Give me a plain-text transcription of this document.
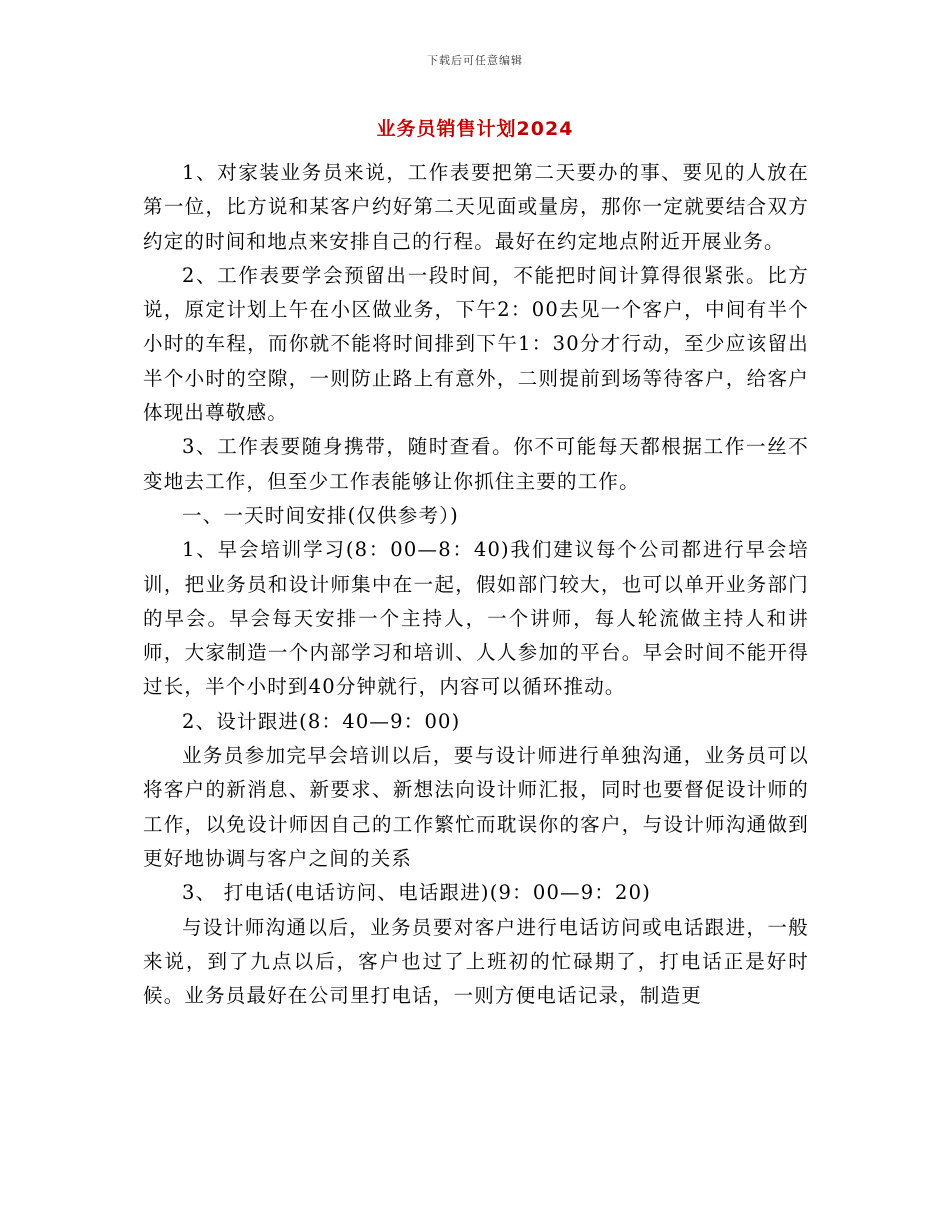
下载后可任意编辑
业务员销售计划2024

1、对家装业务员来说，工作表要把第二天要办的事、要见的人放在第一位，比方说和某客户约好第二天见面或量房，那你一定就要结合双方约定的时间和地点来安排自己的行程。最好在约定地点附近开展业务。

2、工作表要学会预留出一段时间，不能把时间计算得很紧张。比方说，原定计划上午在小区做业务，下午2：00去见一个客户，中间有半个小时的车程，而你就不能将时间排到下午1：30分才行动，至少应该留出半个小时的空隙，一则防止路上有意外，二则提前到场等待客户，给客户体现出尊敬感。

3、工作表要随身携带，随时查看。你不可能每天都根据工作一丝不变地去工作，但至少工作表能够让你抓住主要的工作。

一、一天时间安排(仅供参考）)

1、早会培训学习(8：00—8：40)我们建议每个公司都进行早会培训，把业务员和设计师集中在一起，假如部门较大，也可以单开业务部门的早会。早会每天安排一个主持人，一个讲师，每人轮流做主持人和讲师，大家制造一个内部学习和培训、人人参加的平台。早会时间不能开得过长，半个小时到40分钟就行，内容可以循环推动。

2、设计跟进(8：40—9：00)

业务员参加完早会培训以后，要与设计师进行单独沟通，业务员可以将客户的新消息、新要求、新想法向设计师汇报，同时也要督促设计师的工作，以免设计师因自己的工作繁忙而耽误你的客户，与设计师沟通做到更好地协调与客户之间的关系

3、 打电话(电话访问、电话跟进)(9：00—9：20)

与设计师沟通以后，业务员要对客户进行电话访问或电话跟进，一般来说，到了九点以后，客户也过了上班初的忙碌期了，打电话正是好时候。业务员最好在公司里打电话，一则方便电话记录，制造更
